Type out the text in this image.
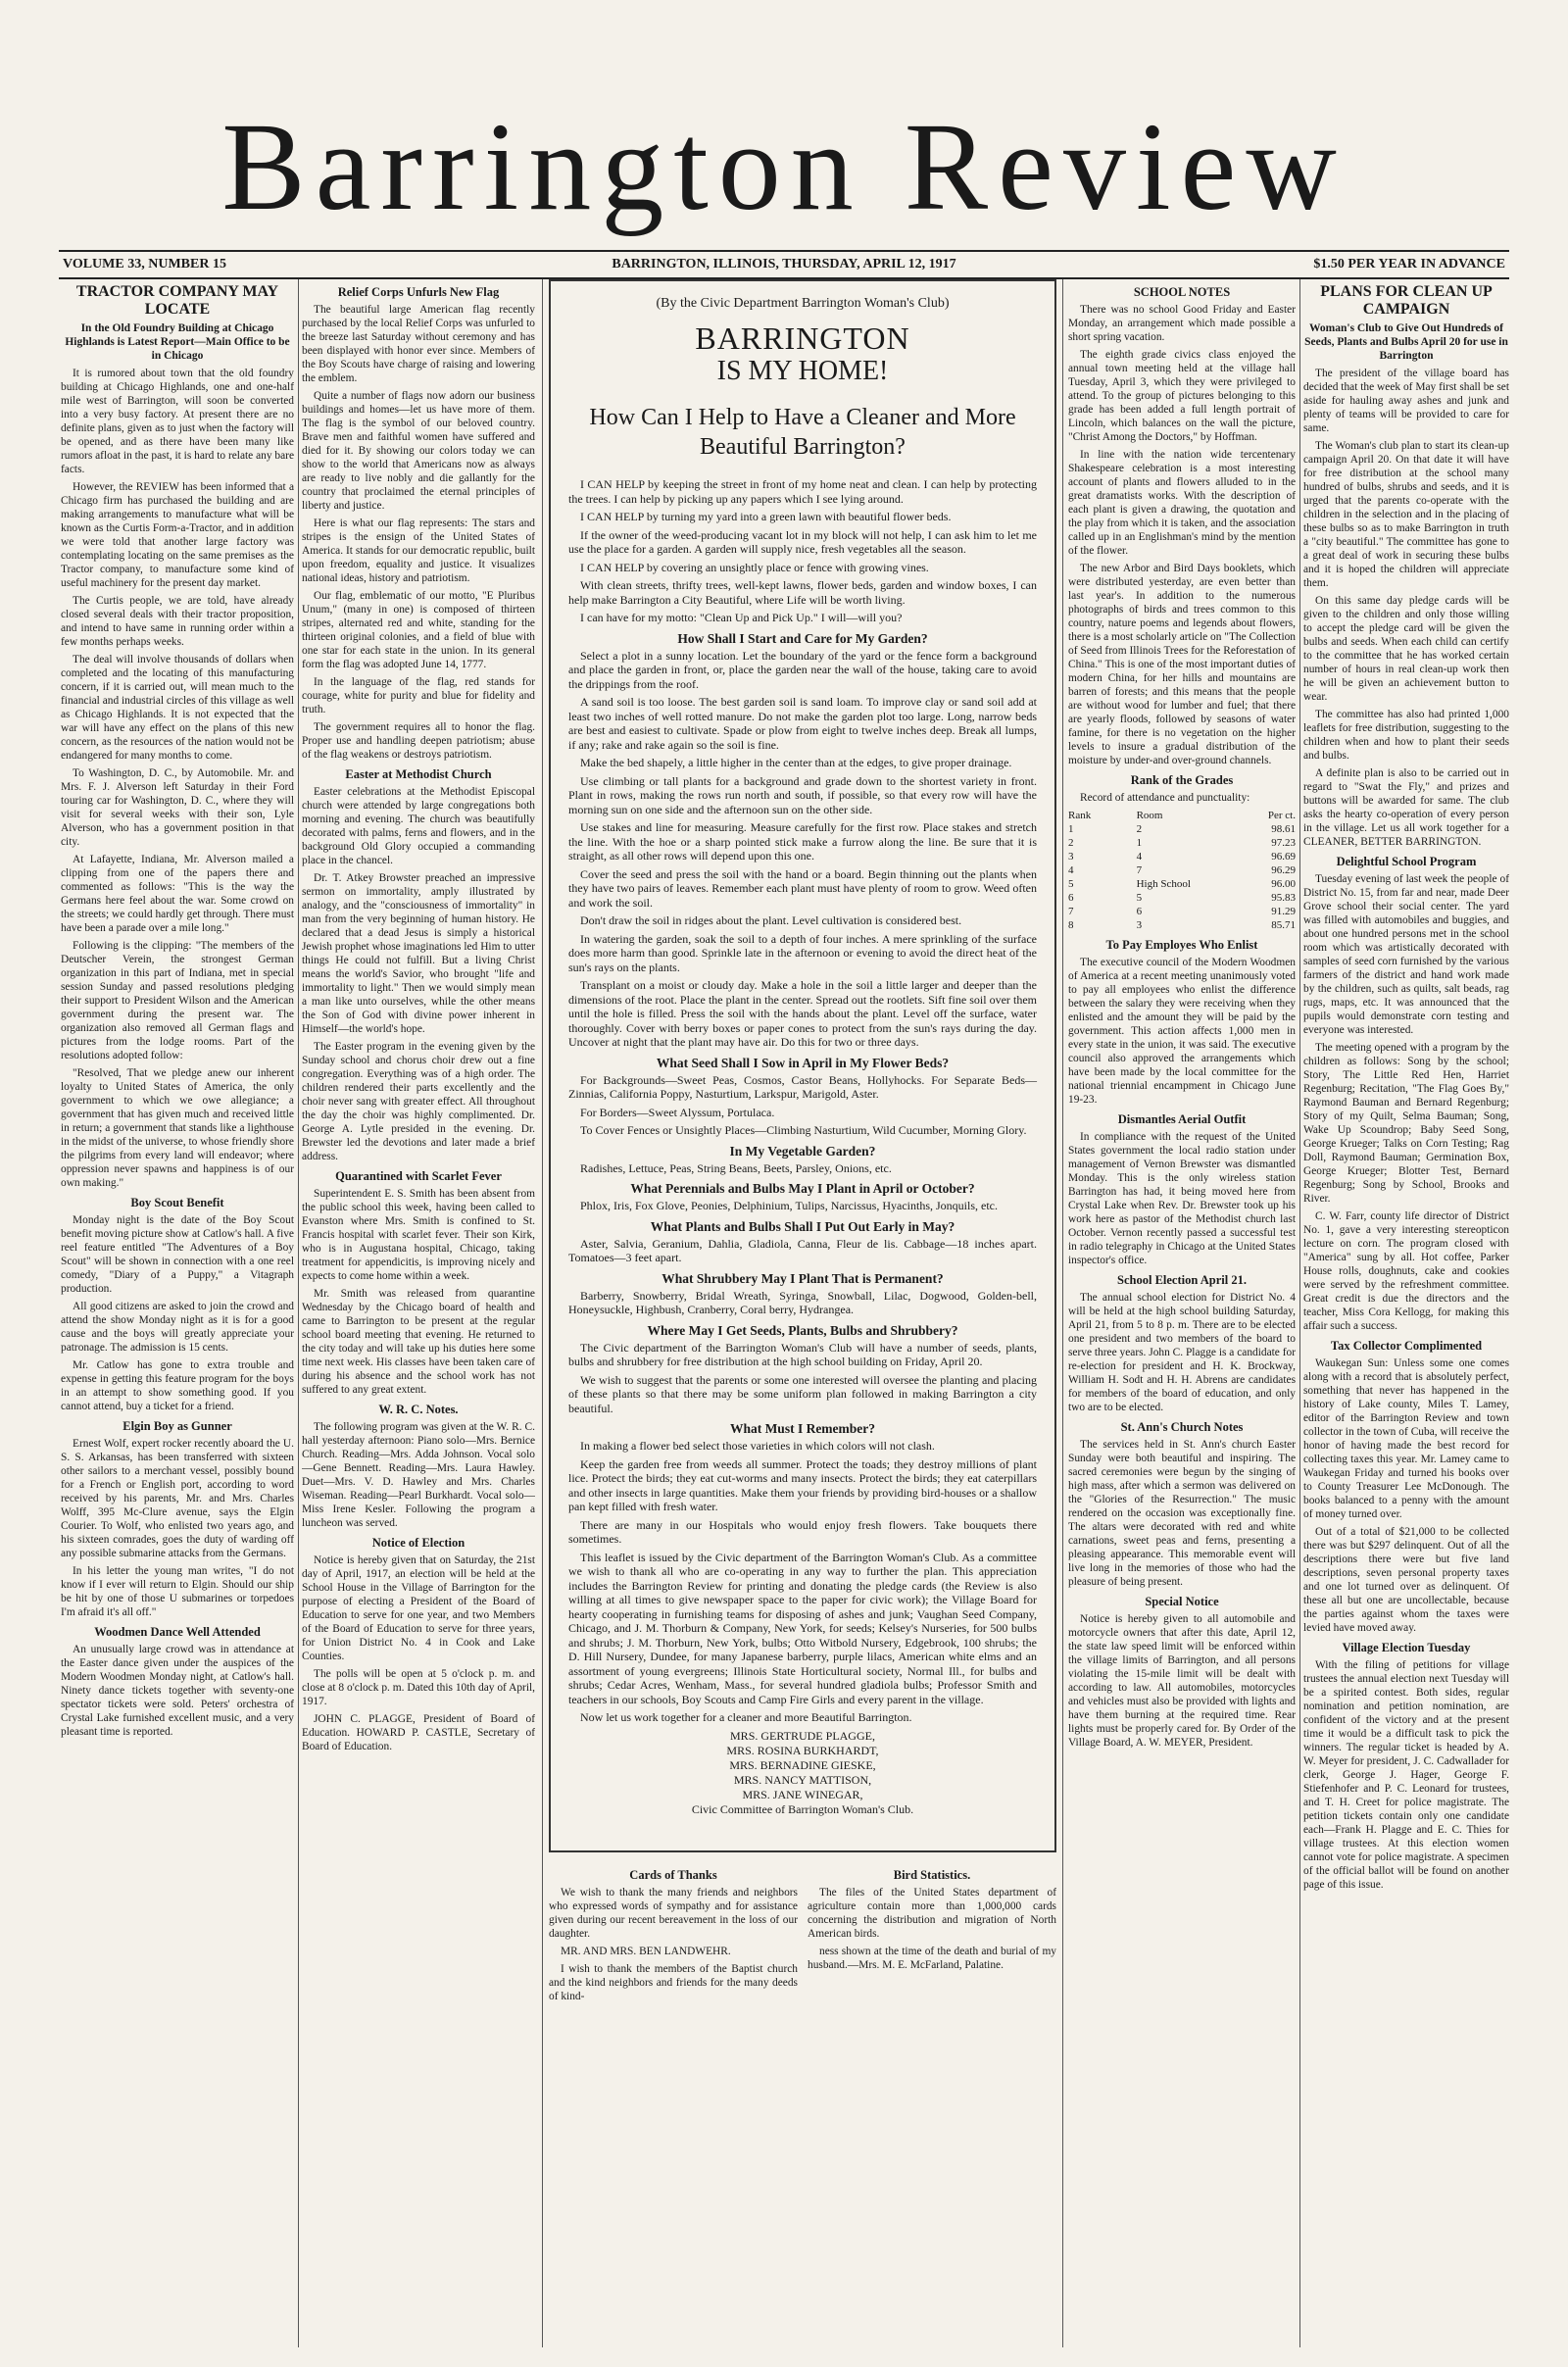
Barrington Review
VOLUME 33, NUMBER 15	BARRINGTON, ILLINOIS, THURSDAY, APRIL 12, 1917	$1.50 PER YEAR IN ADVANCE
TRACTOR COMPANY MAY LOCATE
In the Old Foundry Building at Chicago Highlands is Latest Report—Main Office to be in Chicago

It is rumored about town that the old foundry building at Chicago Highlands, one and one-half mile west of Barrington, will soon be converted into a very busy factory. At present there are no definite plans, given as to just when the factory will be opened, and as there have been many like rumors afloat in the past, it is hard to relate any bare facts.

However, the REVIEW has been informed that a Chicago firm has purchased the building and are making arrangements to manufacture what will be known as the Curtis Form-a-Tractor, and in addition we were told that another large factory was contemplating locating on the same premises as the Tractor company, to manufacture some kind of useful machinery for the present day market.

The Curtis people, we are told, have already closed several deals with their tractor proposition, and intend to have same in running order within a few months perhaps weeks.

The deal will involve thousands of dollars when completed and the locating of this manufacturing concern, if it is carried out, will mean much to the financial and industrial circles of this village as well as Chicago Highlands. It is not expected that the war will have any effect on the plans of this new concern, as the resources of the nation would not be endangered for many months to come.

To Washington, D. C., by Automobile. Mr. and Mrs. F. J. Alverson left Saturday in their Ford touring car for Washington, D. C., where they will visit for several weeks with their son, Lyle Alverson, who has a government position in that city.

At Lafayette, Indiana, Mr. Alverson mailed a clipping from one of the papers there and commented as follows: "This is the way the Germans here feel about the war. Some crowd on the streets; we could hardly get through. There must have been a parade over a mile long."

Following is the clipping: "The members of the Deutscher Verein, the strongest German organization in this part of Indiana, met in special session Sunday and passed resolutions pledging their support to President Wilson and the American government during the present war. The organization also removed all German flags and pictures from the lodge rooms. Part of the resolutions adopted follow:

"Resolved, That we pledge anew our inherent loyalty to United States of America, the only government to which we owe allegiance; a government that has given much and received little in return; a government that stands like a lighthouse in the midst of the universe, to whose friendly shore the pilgrims from every land will endeavor; where oppression never spawns and happiness is of our own making."

Boy Scout Benefit

Monday night is the date of the Boy Scout benefit moving picture show at Catlow's hall. A five reel feature entitled "The Adventures of a Boy Scout" will be shown in connection with a one reel comedy, "Diary of a Puppy," a Vitagraph production.

All good citizens are asked to join the crowd and attend the show Monday night as it is for a good cause and the boys will greatly appreciate your patronage. The admission is 15 cents.

Mr. Catlow has gone to extra trouble and expense in getting this feature program for the boys in an attempt to show something good. If you cannot attend, buy a ticket for a friend.

Elgin Boy as Gunner

Ernest Wolf, expert rocker recently aboard the U. S. S. Arkansas, has been transferred with sixteen other sailors to a merchant vessel, possibly bound for a French or English port, according to word received by his parents, Mr. and Mrs. Charles Wolff, 395 Mc-Clure avenue, says the Elgin Courier. To Wolf, who enlisted two years ago, and his sixteen comrades, goes the duty of warding off any possible submarine attacks from the Germans.

In his letter the young man writes, "I do not know if I ever will return to Elgin. Should our ship be hit by one of those U submarines or torpedoes I'm afraid it's all off."

Woodmen Dance Well Attended

An unusually large crowd was in attendance at the Easter dance given under the auspices of the Modern Woodmen Monday night, at Catlow's hall. Ninety dance tickets together with seventy-one spectator tickets were sold. Peters' orchestra of Crystal Lake furnished excellent music, and a very pleasant time is reported.

Relief Corps Unfurls New Flag

The beautiful large American flag recently purchased by the local Relief Corps was unfurled to the breeze last Saturday without ceremony and has been displayed with honor ever since. Members of the Boy Scouts have charge of raising and lowering the emblem.

Quite a number of flags now adorn our business buildings and homes—let us have more of them. The flag is the symbol of our beloved country. Brave men and faithful women have suffered and died for it. By showing our colors today we can show to the world that Americans now as always are ready to live nobly and die gallantly for the country that proclaimed the eternal principles of liberty and justice.

Here is what our flag represents: The stars and stripes is the ensign of the United States of America. It stands for our democratic republic, built upon freedom, equality and justice. It visualizes national ideas, history and patriotism.

Our flag, emblematic of our motto, "E Pluribus Unum," (many in one) is composed of thirteen stripes, alternated red and white, standing for the thirteen original colonies, and a field of blue with one star for each state in the union. In its general form the flag was adopted June 14, 1777.

In the language of the flag, red stands for courage, white for purity and blue for fidelity and truth.

The government requires all to honor the flag. Proper use and handling deepen patriotism; abuse of the flag weakens or destroys patriotism.

Easter at Methodist Church

Easter celebrations at the Methodist Episcopal church were attended by large congregations both morning and evening. The church was beautifully decorated with palms, ferns and flowers, and in the background Old Glory occupied a commanding place in the chancel.

Dr. T. Atkey Browster preached an impressive sermon on immortality, amply illustrated by analogy, and the "consciousness of immortality" in man from the very beginning of human history. He declared that a dead Jesus is simply a historical Jewish prophet whose imaginations led Him to utter things He could not fulfill. But a living Christ means the world's Savior, who brought "life and immortality to light." Then we would simply mean a man like unto ourselves, while the other means the Son of God with divine power inherent in Himself—the world's hope.

The Easter program in the evening given by the Sunday school and chorus choir drew out a fine congregation. Everything was of a high order. The children rendered their parts excellently and the choir never sang with greater effect. All throughout the day the choir was highly complimented. Dr. George A. Lytle presided in the evening. Dr. Brewster led the devotions and later made a brief address.

Quarantined with Scarlet Fever

Superintendent E. S. Smith has been absent from the public school this week, having been called to Evanston where Mrs. Smith is confined to St. Francis hospital with scarlet fever. Their son Kirk, who is in Augustana hospital, Chicago, taking treatment for appendicitis, is improving nicely and expects to come home within a week.

Mr. Smith was released from quarantine Wednesday by the Chicago board of health and came to Barrington to be present at the regular school board meeting that evening. He returned to the city today and will take up his duties here some time next week. His classes have been taken care of during his absence and the school work has not suffered to any great extent.

W. R. C. Notes.

The following program was given at the W. R. C. hall yesterday afternoon: Piano solo—Mrs. Bernice Church. Reading—Mrs. Adda Johnson. Vocal solo—Gene Bennett. Reading—Mrs. Laura Hawley. Duet—Mrs. V. D. Hawley and Mrs. Charles Wiseman. Reading—Pearl Burkhardt. Vocal solo—Miss Irene Kesler. Following the program a luncheon was served.

Notice of Election

Notice is hereby given that on Saturday, the 21st day of April, 1917, an election will be held at the School House in the Village of Barrington for the purpose of electing a President of the Board of Education to serve for one year, and two Members of the Board of Education to serve for three years, for Union District No. 4 in Cook and Lake Counties.

The polls will be open at 5 o'clock p. m. and close at 8 o'clock p. m. Dated this 10th day of April, 1917.

JOHN C. PLAGGE, President of Board of Education. HOWARD P. CASTLE, Secretary of Board of Education.

(By the Civic Department Barrington Woman's Club)
BARRINGTON
IS MY HOME!
How Can I Help to Have a Cleaner and More Beautiful Barrington?

I CAN HELP by keeping the street in front of my home neat and clean. I can help by protecting the trees. I can help by picking up any papers which I see lying around.

I CAN HELP by turning my yard into a green lawn with beautiful flower beds.

If the owner of the weed-producing vacant lot in my block will not help, I can ask him to let me use the place for a garden. A garden will supply nice, fresh vegetables all the season.

I CAN HELP by covering an unsightly place or fence with growing vines.

With clean streets, thrifty trees, well-kept lawns, flower beds, garden and window boxes, I can help make Barrington a City Beautiful, where Life will be worth living.

I can have for my motto: "Clean Up and Pick Up." I will—will you?

How Shall I Start and Care for My Garden?

Select a plot in a sunny location. Let the boundary of the yard or the fence form a background and place the garden in front, or, place the garden near the wall of the house, taking care to avoid the drippings from the roof.

A sand soil is too loose. The best garden soil is sand loam. To improve clay or sand soil add at least two inches of well rotted manure. Do not make the garden plot too large. Long, narrow beds are best and easiest to cultivate. Spade or plow from eight to twelve inches deep. Break all lumps, if any; rake and rake again so the soil is fine.

Make the bed shapely, a little higher in the center than at the edges, to give proper drainage.

Use climbing or tall plants for a background and grade down to the shortest variety in front. Plant in rows, making the rows run north and south, if possible, so that every row will have the morning sun on one side and the afternoon sun on the other side.

Use stakes and line for measuring. Measure carefully for the first row. Place stakes and stretch the line. With the hoe or a sharp pointed stick make a furrow along the line. Be sure that it is straight, as all other rows will depend upon this one.

Cover the seed and press the soil with the hand or a board. Begin thinning out the plants when they have two pairs of leaves. Remember each plant must have plenty of room to grow. Weed often and work the soil.

Don't draw the soil in ridges about the plant. Level cultivation is considered best.

In watering the garden, soak the soil to a depth of four inches. A mere sprinkling of the surface does more harm than good. Sprinkle late in the afternoon or evening to avoid the direct heat of the sun's rays on the plants.

Transplant on a moist or cloudy day. Make a hole in the soil a little larger and deeper than the dimensions of the root. Place the plant in the center. Spread out the rootlets. Sift fine soil over them until the hole is filled. Press the soil with the hands about the plant. Level off the surface, water thoroughly. Cover with berry boxes or paper cones to protect from the sun's rays during the day. Uncover at night that the plant may have air. Do this for two or three days.

What Seed Shall I Sow in April in My Flower Beds?

For Backgrounds—Sweet Peas, Cosmos, Castor Beans, Hollyhocks. For Separate Beds—Zinnias, California Poppy, Nasturtium, Larkspur, Marigold, Aster.

For Borders—Sweet Alyssum, Portulaca.

To Cover Fences or Unsightly Places—Climbing Nasturtium, Wild Cucumber, Morning Glory.

In My Vegetable Garden?

Radishes, Lettuce, Peas, String Beans, Beets, Parsley, Onions, etc.

What Perennials and Bulbs May I Plant in April or October?

Phlox, Iris, Fox Glove, Peonies, Delphinium, Tulips, Narcissus, Hyacinths, Jonquils, etc.

What Plants and Bulbs Shall I Put Out Early in May?

Aster, Salvia, Geranium, Dahlia, Gladiola, Canna, Fleur de lis. Cabbage—18 inches apart. Tomatoes—3 feet apart.

What Shrubbery May I Plant That is Permanent?

Barberry, Snowberry, Bridal Wreath, Syringa, Snowball, Lilac, Dogwood, Golden-bell, Honeysuckle, Highbush, Cranberry, Coral berry, Hydrangea.

Where May I Get Seeds, Plants, Bulbs and Shrubbery?

The Civic department of the Barrington Woman's Club will have a number of seeds, plants, bulbs and shrubbery for free distribution at the high school building on Friday, April 20.

We wish to suggest that the parents or some one interested will oversee the planting and placing of these plants so that there may be some uniform plan followed in making Barrington a city beautiful.

What Must I Remember?

In making a flower bed select those varieties in which colors will not clash.

Keep the garden free from weeds all summer. Protect the toads; they destroy millions of plant lice. Protect the birds; they eat cut-worms and many insects. Protect the birds; they eat caterpillars and other insects in large quantities. Make them your friends by providing bird-houses or a shallow pan kept filled with fresh water.

There are many in our Hospitals who would enjoy fresh flowers. Take bouquets there sometimes.

This leaflet is issued by the Civic department of the Barrington Woman's Club. As a committee we wish to thank all who are co-operating in any way to further the plan. This appreciation includes the Barrington Review for printing and donating the pledge cards (the Review is also willing at all times to give newspaper space to the paper for civic work); the Village Board for hearty cooperating in furnishing teams for disposing of ashes and junk; Vaughan Seed Company, Chicago, and J. M. Thorburn & Company, New York, for seeds; Kelsey's Nurseries, for 500 bulbs and shrubs; J. M. Thorburn, New York, bulbs; Otto Witbold Nursery, Edgebrook, 100 shrubs; the D. Hill Nursery, Dundee, for many Japanese barberry, purple lilacs, American white elms and an assortment of young evergreens; Illinois State Horticultural society, Normal Ill., for bulbs and shrubs; Cedar Acres, Wenham, Mass., for several hundred gladiola bulbs; Professor Smith and teachers in our schools, Boy Scouts and Camp Fire Girls and every parent in the village.

Now let us work together for a cleaner and more Beautiful Barrington.

MRS. GERTRUDE PLAGGE,
MRS. ROSINA BURKHARDT,
MRS. BERNADINE GIESKE,
MRS. NANCY MATTISON,
MRS. JANE WINEGAR,
Civic Committee of Barrington Woman's Club.
Cards of Thanks

We wish to thank the many friends and neighbors who expressed words of sympathy and for assistance given during our recent bereavement in the loss of our daughter.

MR. AND MRS. BEN LANDWEHR.

I wish to thank the members of the Baptist church and the kind neighbors and friends for the many deeds of kind-

Bird Statistics.

The files of the United States department of agriculture contain more than 1,000,000 cards concerning the distribution and migration of North American birds.

ness shown at the time of the death and burial of my husband.—Mrs. M. E. McFarland, Palatine.

SCHOOL NOTES

There was no school Good Friday and Easter Monday, an arrangement which made possible a short spring vacation.

The eighth grade civics class enjoyed the annual town meeting held at the village hall Tuesday, April 3, which they were privileged to attend. To the group of pictures belonging to this grade has been added a full length portrait of Lincoln, which balances on the wall the picture, "Christ Among the Doctors," by Hoffman.

In line with the nation wide tercentenary Shakespeare celebration is a most interesting account of plants and flowers alluded to in the great dramatists works. With the description of each plant is given a drawing, the quotation and the play from which it is taken, and the association called up in an Englishman's mind by the mention of the flower.

The new Arbor and Bird Days booklets, which were distributed yesterday, are even better than last year's. In addition to the numerous photographs of birds and trees common to this country, nature poems and legends about flowers, there is a most scholarly article on "The Collection of Seed from Illinois Trees for the Reforestation of China." This is one of the most important duties of modern China, for her hills and mountains are barren of forests; and this means that the people are without wood for lumber and fuel; that there are yearly floods, followed by seasons of water famine, for there is no vegetation on the higher levels to insure a gradual distribution of the moisture by under-and over-ground channels.

Rank of the Grades

Record of attendance and punctuality:

Rank	Room	Per ct.
1	2	98.61
2	1	97.23
3	4	96.69
4	7	96.29
5	High School	96.00
6	5	95.83
7	6	91.29
8	3	85.71
To Pay Employes Who Enlist

The executive council of the Modern Woodmen of America at a recent meeting unanimously voted to pay all employees who enlist the difference between the salary they were receiving when they enlisted and the amount they will be paid by the government. This action affects 1,000 men in every state in the union, it was said. The executive council also approved the arrangements which have been made by the local committee for the national triennial encampment in Chicago June 19-23.

Dismantles Aerial Outfit

In compliance with the request of the United States government the local radio station under management of Vernon Brewster was dismantled Monday. This is the only wireless station Barrington has had, it being moved here from Crystal Lake when Rev. Dr. Brewster took up his work here as pastor of the Methodist church last October. Vernon recently passed a successful test in radio telegraphy in Chicago at the United States inspector's office.

School Election April 21.

The annual school election for District No. 4 will be held at the high school building Saturday, April 21, from 5 to 8 p. m. There are to be elected one president and two members of the board to serve three years. John C. Plagge is a candidate for re-election for president and H. K. Brockway, William H. Sodt and H. H. Abrens are candidates for members of the board of education, and only two are to be elected.

St. Ann's Church Notes

The services held in St. Ann's church Easter Sunday were both beautiful and inspiring. The sacred ceremonies were begun by the singing of high mass, after which a sermon was delivered on the "Glories of the Resurrection." The music rendered on the occasion was exceptionally fine. The altars were decorated with red and white carnations, sweet peas and ferns, presenting a pleasing appearance. This memorable event will live long in the memories of those who had the pleasure of being present.

Special Notice

Notice is hereby given to all automobile and motorcycle owners that after this date, April 12, the state law speed limit will be enforced within the village limits of Barrington, and all persons violating the 15-mile limit will be dealt with according to law. All automobiles, motorcycles and vehicles must also be provided with lights and have them burning at the required time. Rear lights must be properly cared for. By Order of the Village Board, A. W. MEYER, President.

PLANS FOR CLEAN UP CAMPAIGN
Woman's Club to Give Out Hundreds of Seeds, Plants and Bulbs April 20 for use in Barrington

The president of the village board has decided that the week of May first shall be set aside for hauling away ashes and junk and plenty of teams will be provided to care for same.

The Woman's club plan to start its clean-up campaign April 20. On that date it will have for free distribution at the school many hundred of bulbs, shrubs and seeds, and it is urged that the parents co-operate with the children in the selection and in the placing of these bulbs so as to make Barrington in truth a "city beautiful." The committee has gone to a great deal of work in securing these bulbs and it is hoped the children will appreciate them.

On this same day pledge cards will be given to the children and only those willing to accept the pledge card will be given the bulbs and seeds. When each child can certify to the committee that he has worked certain number of hours in real clean-up work then he will be given an achievement button to wear.

The committee has also had printed 1,000 leaflets for free distribution, suggesting to the children when and how to plant their seeds and bulbs.

A definite plan is also to be carried out in regard to "Swat the Fly," and prizes and buttons will be awarded for same. The club asks the hearty co-operation of every person in the village. Let us all work together for a CLEANER, BETTER BARRINGTON.

Delightful School Program

Tuesday evening of last week the people of District No. 15, from far and near, made Deer Grove school their social center. The yard was filled with automobiles and buggies, and about one hundred persons met in the school room which was artistically decorated with samples of seed corn furnished by the various farmers of the district and hand work made by the children, such as quilts, salt beads, rag rugs, maps, etc. It was announced that the pupils would demonstrate corn testing and everyone was interested.

The meeting opened with a program by the children as follows: Song by the school; Story, The Little Red Hen, Harriet Regenburg; Recitation, "The Flag Goes By," Raymond Bauman and Bernard Regenburg; Story of my Quilt, Selma Bauman; Song, Wake Up Scoundrop; Baby Seed Song, George Krueger; Talks on Corn Testing; Rag Doll, Raymond Bauman; Germination Box, George Krueger; Blotter Test, Bernard Regenburg; Song by School, Brooks and River.

C. W. Farr, county life director of District No. 1, gave a very interesting stereopticon lecture on corn. The program closed with "America" sung by all. Hot coffee, Parker House rolls, doughnuts, cake and cookies were served by the refreshment committee. Great credit is due the directors and the teacher, Miss Cora Kellogg, for making this affair such a success.

Tax Collector Complimented

Waukegan Sun: Unless some one comes along with a record that is absolutely perfect, something that never has happened in the history of Lake county, Miles T. Lamey, editor of the Barrington Review and town collector in the town of Cuba, will receive the honor of having made the best record for collecting taxes this year. Mr. Lamey came to Waukegan Friday and turned his books over to County Treasurer Lee McDonough. The books balanced to a penny with the amount of money turned over.

Out of a total of $21,000 to be collected there was but $297 delinquent. Out of all the descriptions there were but five land descriptions, seven personal property taxes and one lot turned over as delinquent. Of these all but one are uncollectable, because the parties against whom the taxes were levied have moved away.

Village Election Tuesday

With the filing of petitions for village trustees the annual election next Tuesday will be a spirited contest. Both sides, regular nomination and petition nomination, are confident of the victory and at the present time it would be a difficult task to pick the winners. The regular ticket is headed by A. W. Meyer for president, J. C. Cadwallader for clerk, George J. Hager, George F. Stiefenhofer and P. C. Leonard for trustees, and T. H. Creet for police magistrate. The petition tickets contain only one candidate each—Frank H. Plagge and E. C. Thies for village trustees. At this election women cannot vote for police magistrate. A specimen of the official ballot will be found on another page of this issue.
